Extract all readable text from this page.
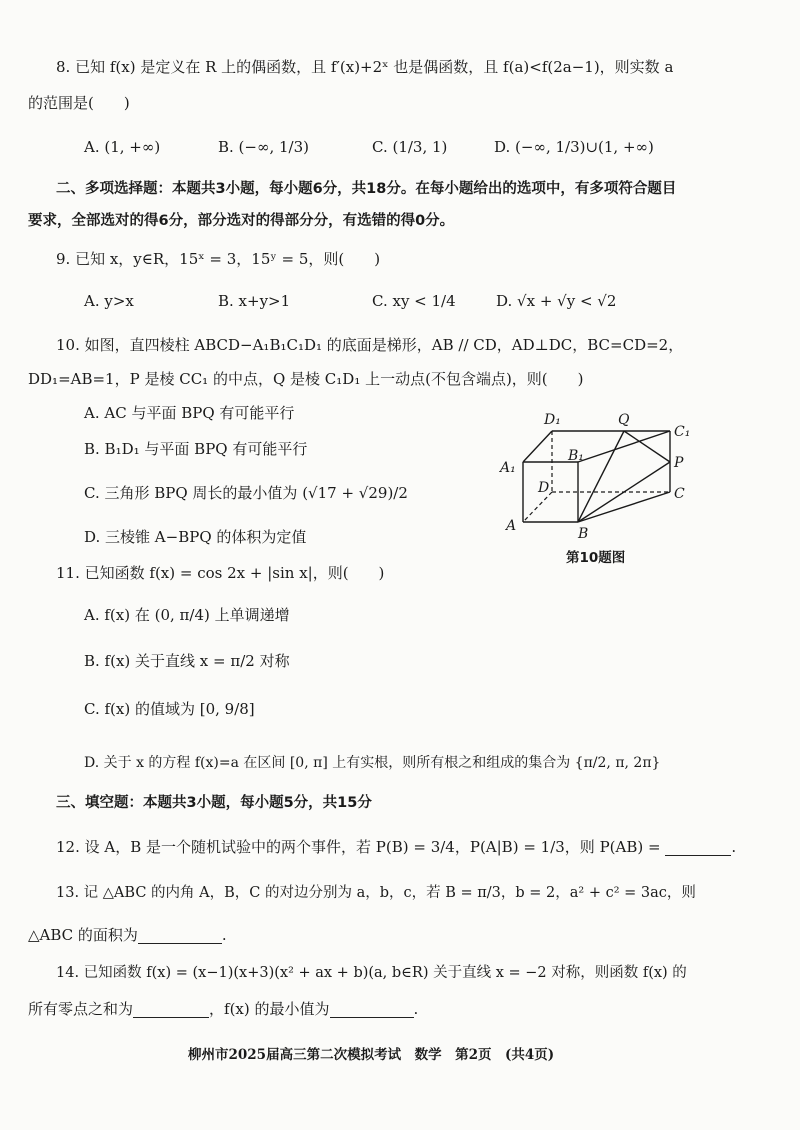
8. 已知 f(x) 是定义在 R 上的偶函数，且 f′(x)+2ˣ 也是偶函数，且 f(a)<f(2a−1)，则实数 a
的范围是(　　)
A. (1, +∞)	B. (−∞, 1/3)	C. (1/3, 1)	D. (−∞, 1/3)∪(1, +∞)
二、多项选择题：本题共3小题，每小题6分，共18分。在每小题给出的选项中，有多项符合题目
要求，全部选对的得6分，部分选对的得部分分，有选错的得0分。
9. 已知 x，y∈R，15ˣ = 3，15ʸ = 5，则(　　)
A. y>x	B. x+y>1	C. xy < 1/4	D. √x + √y < √2
10. 如图，直四棱柱 ABCD−A₁B₁C₁D₁ 的底面是梯形，AB // CD，AD⊥DC，BC=CD=2，
DD₁=AB=1，P 是棱 CC₁ 的中点，Q 是棱 C₁D₁ 上一动点(不包含端点)，则(　　)
A. AC 与平面 BPQ 有可能平行
B. B₁D₁ 与平面 BPQ 有可能平行
C. 三角形 BPQ 周长的最小值为 (√17 + √29)/2
D. 三棱锥 A−BPQ 的体积为定值
D₁	Q
C₁
A₁
B₁	P
D	C
A	B
第10题图
11. 已知函数 f(x) = cos 2x + |sin x|，则(　　)
A. f(x) 在 (0, π/4) 上单调递增
B. f(x) 关于直线 x = π/2 对称
C. f(x) 的值域为 [0, 9/8]
D. 关于 x 的方程 f(x)=a 在区间 [0, π] 上有实根，则所有根之和组成的集合为 {π/2, π, 2π}
三、填空题：本题共3小题，每小题5分，共15分
12. 设 A，B 是一个随机试验中的两个事件，若 P(B) = 3/4，P(A|B) = 1/3，则 P(AB) =	.
13. 记 △ABC 的内角 A，B，C 的对边分别为 a，b，c，若 B = π/3，b = 2，a² + c² = 3ac，则
△ABC 的面积为	.
14. 已知函数 f(x) = (x−1)(x+3)(x² + ax + b)(a, b∈R) 关于直线 x = −2 对称，则函数 f(x) 的
所有零点之和为	，f(x) 的最小值为	.
柳州市2025届高三第二次模拟考试　数学　第2页　(共4页)
